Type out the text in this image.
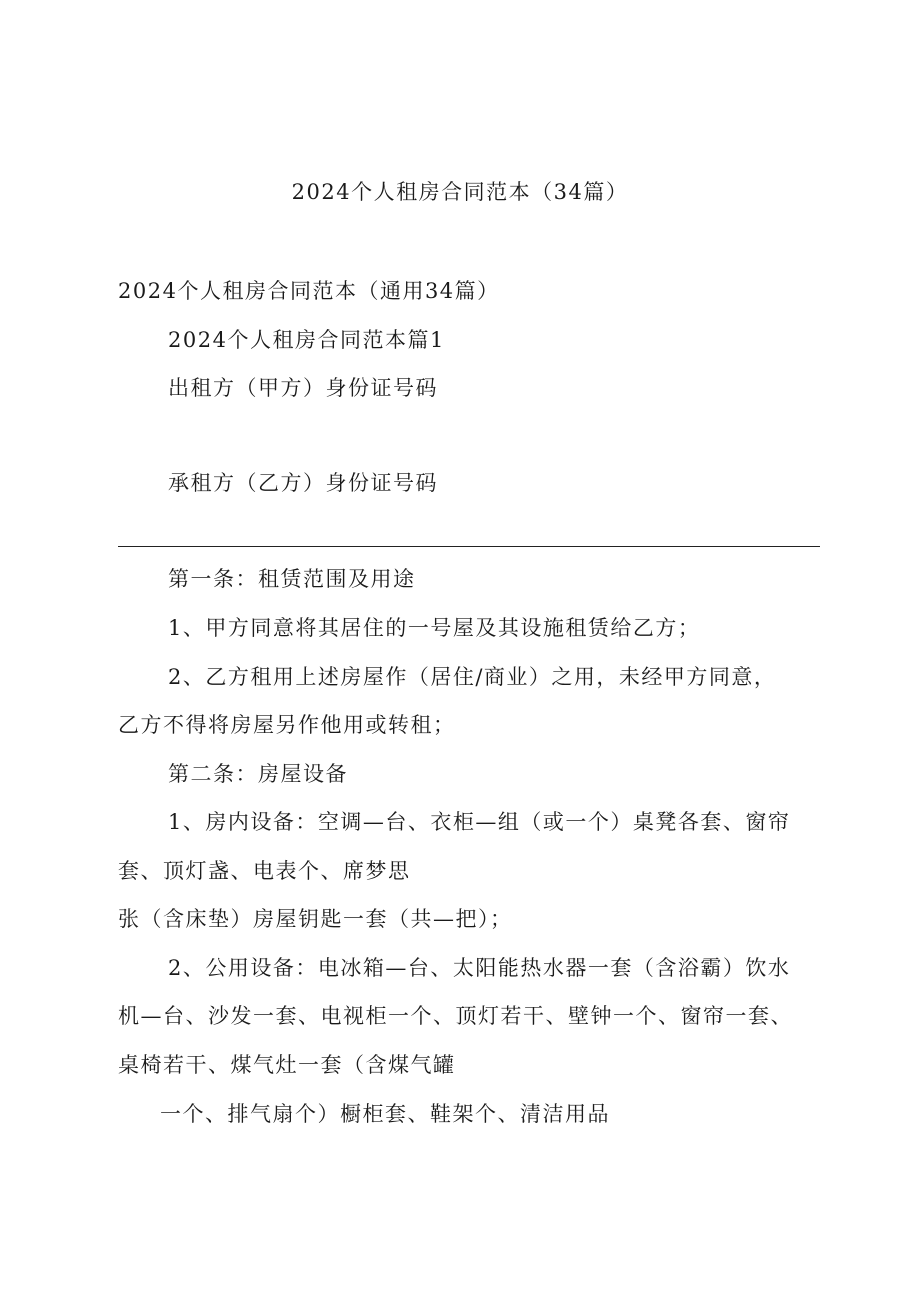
2024个人租房合同范本（34篇）
2024个人租房合同范本（通用34篇）
2024个人租房合同范本篇1
出租方（甲方）身份证号码
承租方（乙方）身份证号码
第一条：租赁范围及用途
1、甲方同意将其居住的一号屋及其设施租赁给乙方；
2、乙方租用上述房屋作（居住/商业）之用，未经甲方同意，
乙方不得将房屋另作他用或转租；
第二条：房屋设备
1、房内设备：空调—台、衣柜—组（或一个）桌凳各套、窗帘
套、顶灯盏、电表个、席梦思
张（含床垫）房屋钥匙一套（共—把）；
2、公用设备：电冰箱—台、太阳能热水器一套（含浴霸）饮水
机—台、沙发一套、电视柜一个、顶灯若干、壁钟一个、窗帘一套、
桌椅若干、煤气灶一套（含煤气罐
一个、排气扇个）橱柜套、鞋架个、清洁用品
